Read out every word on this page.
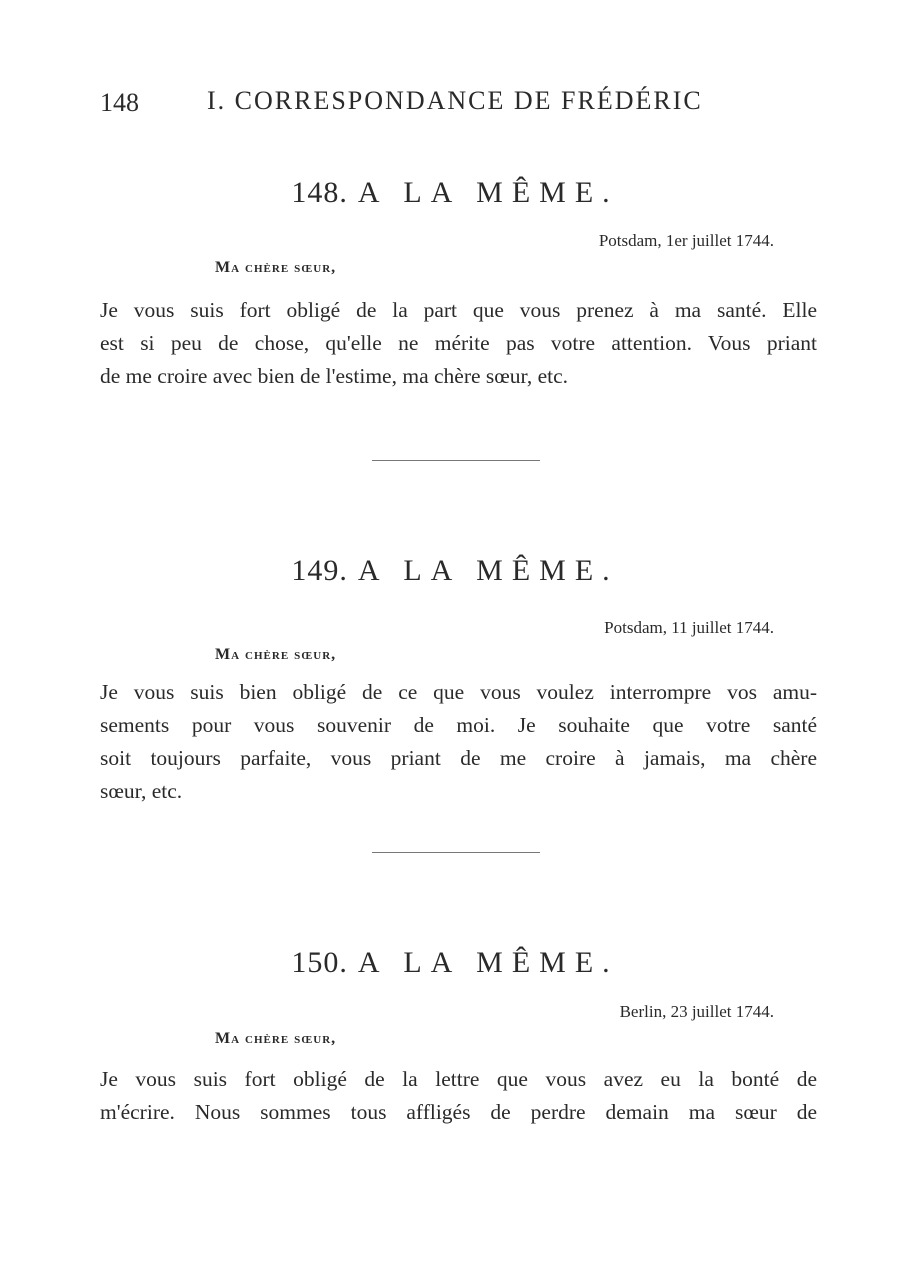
148	I. CORRESPONDANCE DE FRÉDÉRIC
148. A LA MÊME.
Potsdam, 1er juillet 1744.
Ma chère sœur,
Je vous suis fort obligé de la part que vous prenez à ma santé. Elle
est si peu de chose, qu'elle ne mérite pas votre attention. Vous priant
de me croire avec bien de l'estime, ma chère sœur, etc.
149. A LA MÊME.
Potsdam, 11 juillet 1744.
Ma chère sœur,
Je vous suis bien obligé de ce que vous voulez interrompre vos amu-
sements pour vous souvenir de moi. Je souhaite que votre santé
soit toujours parfaite, vous priant de me croire à jamais, ma chère
sœur, etc.
150. A LA MÊME.
Berlin, 23 juillet 1744.
Ma chère sœur,
Je vous suis fort obligé de la lettre que vous avez eu la bonté de
m'écrire. Nous sommes tous affligés de perdre demain ma sœur de
